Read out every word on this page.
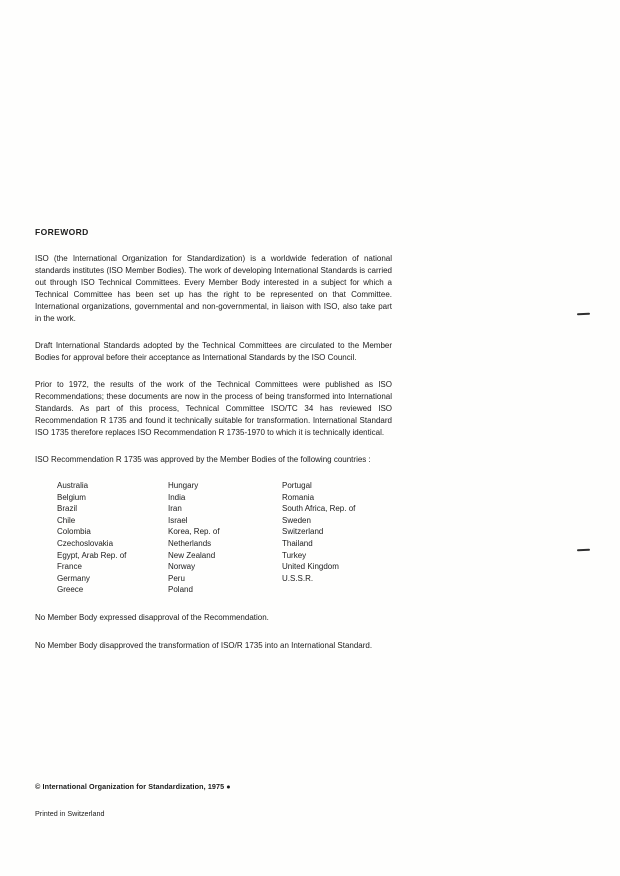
FOREWORD
ISO (the International Organization for Standardization) is a worldwide federation of national standards institutes (ISO Member Bodies). The work of developing International Standards is carried out through ISO Technical Committees. Every Member Body interested in a subject for which a Technical Committee has been set up has the right to be represented on that Committee. International organizations, governmental and non-governmental, in liaison with ISO, also take part in the work.
Draft International Standards adopted by the Technical Committees are circulated to the Member Bodies for approval before their acceptance as International Standards by the ISO Council.
Prior to 1972, the results of the work of the Technical Committees were published as ISO Recommendations; these documents are now in the process of being transformed into International Standards. As part of this process, Technical Committee ISO/TC 34 has reviewed ISO Recommendation R 1735 and found it technically suitable for transformation. International Standard ISO 1735 therefore replaces ISO Recommendation R 1735-1970 to which it is technically identical.
ISO Recommendation R 1735 was approved by the Member Bodies of the following countries :
Australia
Belgium
Brazil
Chile
Colombia
Czechoslovakia
Egypt, Arab Rep. of
France
Germany
Greece
Hungary
India
Iran
Israel
Korea, Rep. of
Netherlands
New Zealand
Norway
Peru
Poland
Portugal
Romania
South Africa, Rep. of
Sweden
Switzerland
Thailand
Turkey
United Kingdom
U.S.S.R.
No Member Body expressed disapproval of the Recommendation.
No Member Body disapproved the transformation of ISO/R 1735 into an International Standard.
© International Organization for Standardization, 1975 ●
Printed in Switzerland
